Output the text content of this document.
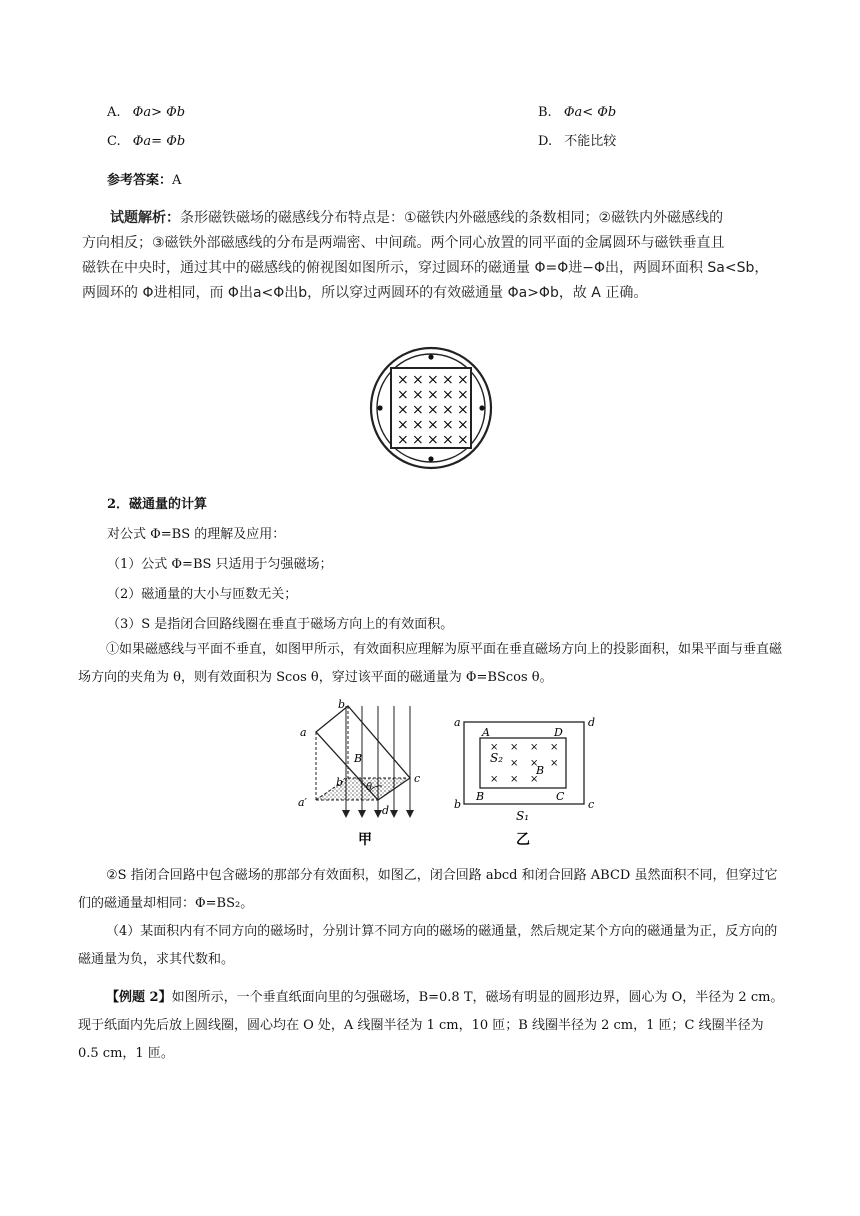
A. Φa> Φb	B. Φa< Φb
C. Φa= Φb	D. 不能比较
参考答案：A
试题解析：条形磁铁磁场的磁感线分布特点是：①磁铁内外磁感线的条数相同；②磁铁内外磁感线的
方向相反；③磁铁外部磁感线的分布是两端密、中间疏。两个同心放置的同平面的金属圆环与磁铁垂直且
磁铁在中央时，通过其中的磁感线的俯视图如图所示，穿过圆环的磁通量 Φ=Φ进−Φ出，两圆环面积 Sa<Sb，
两圆环的 Φ进相同，而 Φ出a<Φ出b，所以穿过两圆环的有效磁通量 Φa>Φb，故 A 正确。
× × × × ×
× × × × ×
× × × × ×
× × × × ×
× × × × ×
2．磁通量的计算
对公式 Φ=BS 的理解及应用：
（1）公式 Φ=BS 只适用于匀强磁场；
（2）磁通量的大小与匝数无关；
（3）S 是指闭合回路线圈在垂直于磁场方向上的有效面积。
①如果磁感线与平面不垂直，如图甲所示，有效面积应理解为原平面在垂直磁场方向上的投影面积，如果平面与垂直磁场方向的夹角为 θ，则有效面积为 Scos θ，穿过该平面的磁通量为 Φ=BScos θ。
a
b
c
d
a′
b′
B
θ
甲
× × × ×
× × ×
× × ×
a	d
b	c
A	D
B	C
S₂
B
S₁
乙
②S 指闭合回路中包含磁场的那部分有效面积，如图乙，闭合回路 abcd 和闭合回路 ABCD 虽然面积不同，但穿过它们的磁通量却相同：Φ=BS₂。
（4）某面积内有不同方向的磁场时，分别计算不同方向的磁场的磁通量，然后规定某个方向的磁通量为正，反方向的磁通量为负，求其代数和。
【例题 2】如图所示，一个垂直纸面向里的匀强磁场，B=0.8 T，磁场有明显的圆形边界，圆心为 O，半径为 2 cm。现于纸面内先后放上圆线圈，圆心均在 O 处，A 线圈半径为 1 cm，10 匝；B 线圈半径为 2 cm，1 匝；C 线圈半径为 0.5 cm，1 匝。
